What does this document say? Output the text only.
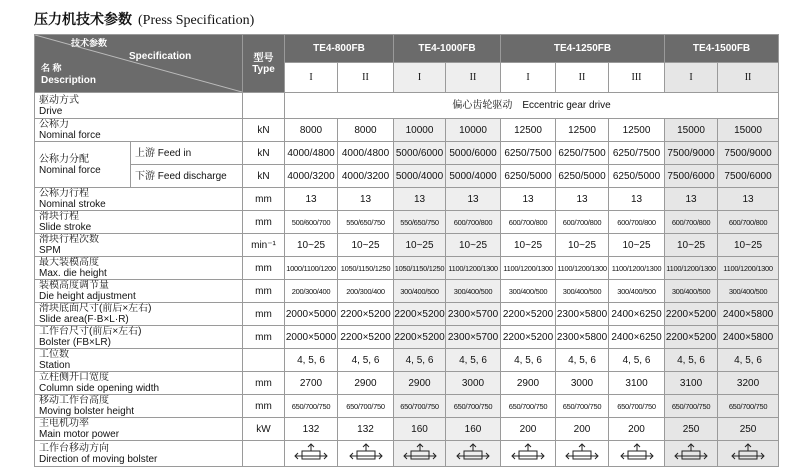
压力机技术参数 (Press Specification)
技术参数
Specification
名 称
Description		型号
Type	TE4-800FB		TE4-1000FB		TE4-1250FB			TE4-1500FB	
			I	II	I	II	I	II	III	I	II

驱动方式
Drive			偏心齿轮驱动　Eccentric gear drive								

公称力
Nominal force		kN	8000	8000	10000	10000	12500	12500	12500	15000	15000

公称力分配
Nominal force	上游 Feed in	kN	4000/4800	4000/4800	5000/6000	5000/6000	6250/7500	6250/7500	6250/7500	7500/9000	7500/9000
	下游 Feed discharge	kN	4000/3200	4000/3200	5000/4000	5000/4000	6250/5000	6250/5000	6250/5000	7500/6000	7500/6000

公称力行程
Nominal stroke		mm	13	13	13	13	13	13	13	13	13

滑块行程
Slide stroke		mm	500/600/700	550/650/750	550/650/750	600/700/800	600/700/800	600/700/800	600/700/800	600/700/800	600/700/800

滑块行程次数
SPM		min⁻¹	10~25	10~25	10~25	10~25	10~25	10~25	10~25	10~25	10~25

最大装模高度
Max. die height		mm	1000/1100/1200	1050/1150/1250	1050/1150/1250	1100/1200/1300	1100/1200/1300	1100/1200/1300	1100/1200/1300	1100/1200/1300	1100/1200/1300

装模高度调节量
Die height adjustment		mm	200/300/400	200/300/400	300/400/500	300/400/500	300/400/500	300/400/500	300/400/500	300/400/500	300/400/500

滑块底面尺寸(前后×左右)
Slide area(F·B×L·R)		mm	2000×5000	2200×5200	2200×5200	2300×5700	2200×5200	2300×5800	2400×6250	2200×5200	2400×5800

工作台尺寸(前后×左右)
Bolster (FB×LR)		mm	2000×5000	2200×5200	2200×5200	2300×5700	2200×5200	2300×5800	2400×6250	2200×5200	2400×5800

工位数
Station			4, 5, 6	4, 5, 6	4, 5, 6	4, 5, 6	4, 5, 6	4, 5, 6	4, 5, 6	4, 5, 6	4, 5, 6

立柱侧开口宽度
Column side opening width		mm	2700	2900	2900	3000	2900	3000	3100	3100	3200

移动工作台高度
Moving bolster height		mm	650/700/750	650/700/750	650/700/750	650/700/750	650/700/750	650/700/750	650/700/750	650/700/750	650/700/750

主电机功率
Main motor power		kW	132	132	160	160	200	200	200	250	250

工作台移动方向
Direction of moving bolster
